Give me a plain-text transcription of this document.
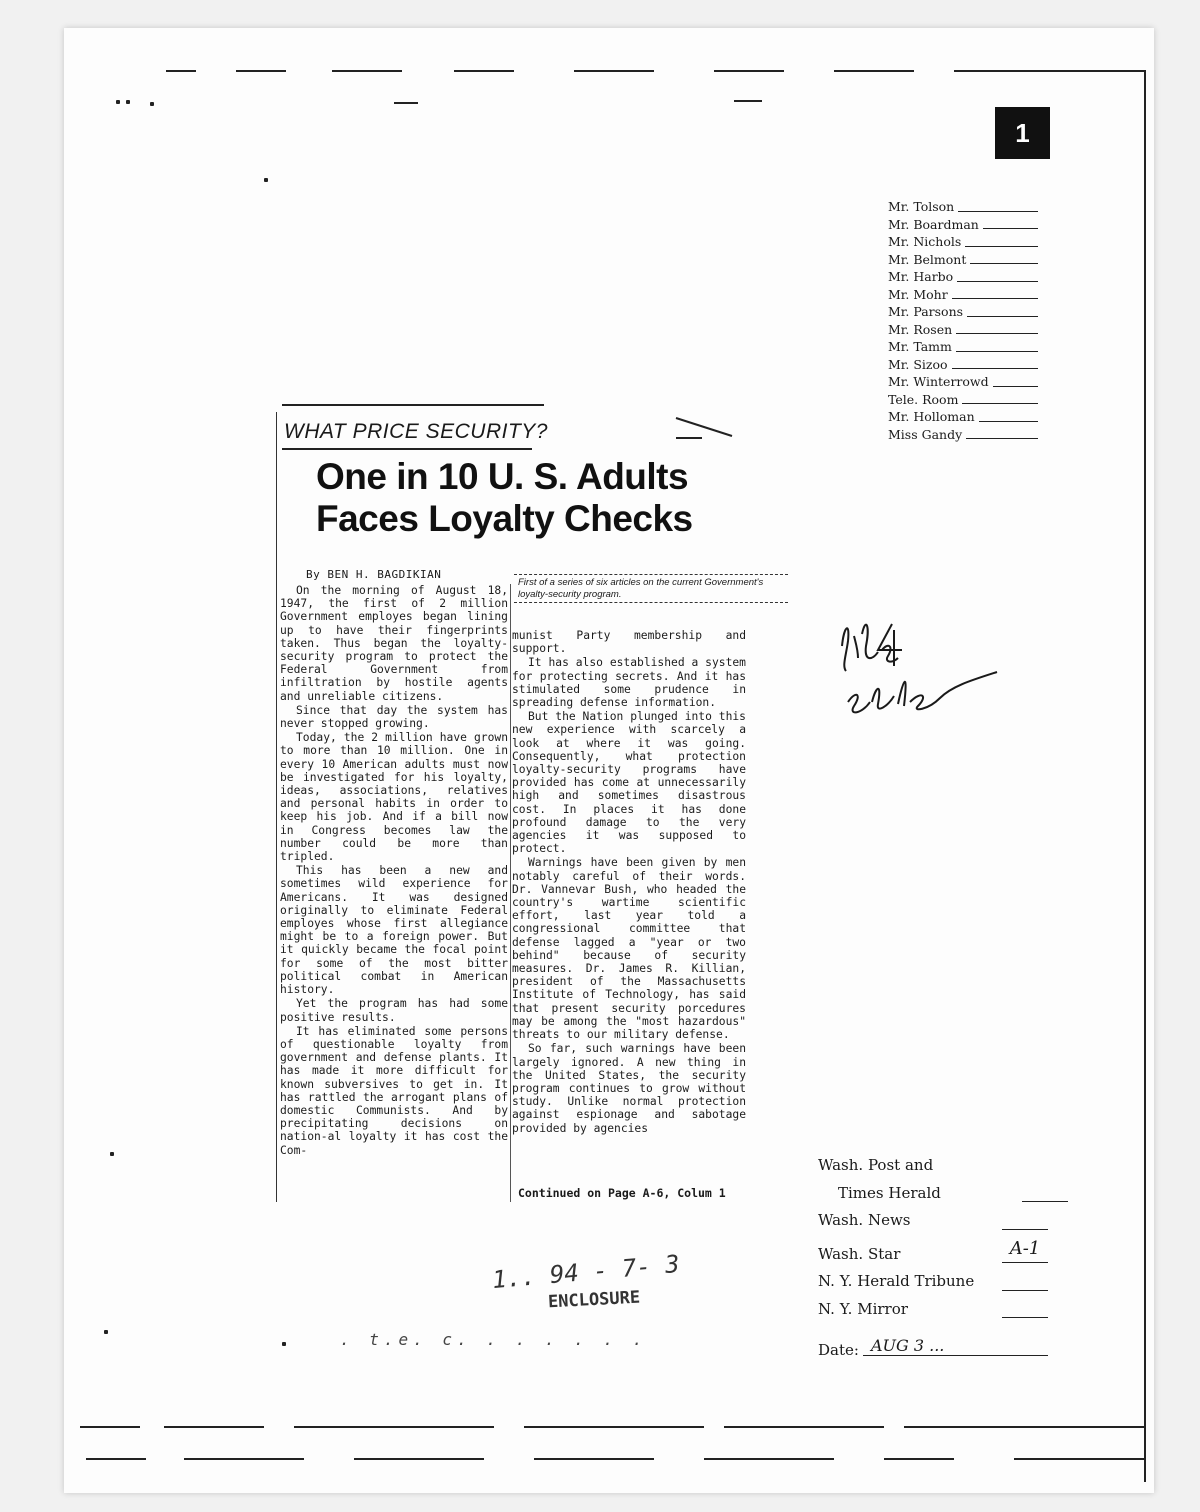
1
Mr. Tolson
Mr. Boardman
Mr. Nichols
Mr. Belmont
Mr. Harbo
Mr. Mohr
Mr. Parsons
Mr. Rosen
Mr. Tamm
Mr. Sizoo
Mr. Winterrowd
Tele. Room
Mr. Holloman
Miss Gandy
WHAT PRICE SECURITY?
One in 10 U. S. Adults
Faces Loyalty Checks
By BEN H. BAGDIKIAN
First of a series of six articles on the current Government's loyalty-security program.

On the morning of August 18, 1947, the first of 2 million Government employes began lining up to have their fingerprints taken. Thus began the loyalty-security program to protect the Federal Government from infiltration by hostile agents and unreliable citizens.

Since that day the system has never stopped growing.

Today, the 2 million have grown to more than 10 million. One in every 10 American adults must now be investigated for his loyalty, ideas, associations, relatives and personal habits in order to keep his job. And if a bill now in Congress becomes law the number could be more than tripled.

This has been a new and sometimes wild experience for Americans. It was designed originally to eliminate Federal employes whose first allegiance might be to a foreign power. But it quickly became the focal point for some of the most bitter political combat in American history.

Yet the program has had some positive results.

It has eliminated some persons of questionable loyalty from government and defense plants. It has made it more difficult for known subversives to get in. It has rattled the arrogant plans of domestic Communists. And by precipitating decisions on nation-al loyalty it has cost the Com-

munist Party membership and support.

It has also established a system for protecting secrets. And it has stimulated some prudence in spreading defense information.

But the Nation plunged into this new experience with scarcely a look at where it was going. Consequently, what protection loyalty-security programs have provided has come at unnecessarily high and sometimes disastrous cost. In places it has done profound damage to the very agencies it was supposed to protect.

Warnings have been given by men notably careful of their words. Dr. Vannevar Bush, who headed the country's wartime scientific effort, last year told a congressional committee that defense lagged a "year or two behind" because of security measures. Dr. James R. Killian, president of the Massachusetts Institute of Technology, has said that present security porcedures may be among the "most hazardous" threats to our military defense.

So far, such warnings have been largely ignored. A new thing in the United States, the security program continues to grow without study. Unlike normal protection against espionage and sabotage provided by agencies

Continued on Page A-6, Colum 1
1.. 94 - 7- 3
ENCLOSURE
. t.e. c. . . . . . .
Wash. Post and
Times Herald
Wash. News
Wash. Star	A-1
N. Y. Herald Tribune
N. Y. Mirror
Date: AUG 3 ...
